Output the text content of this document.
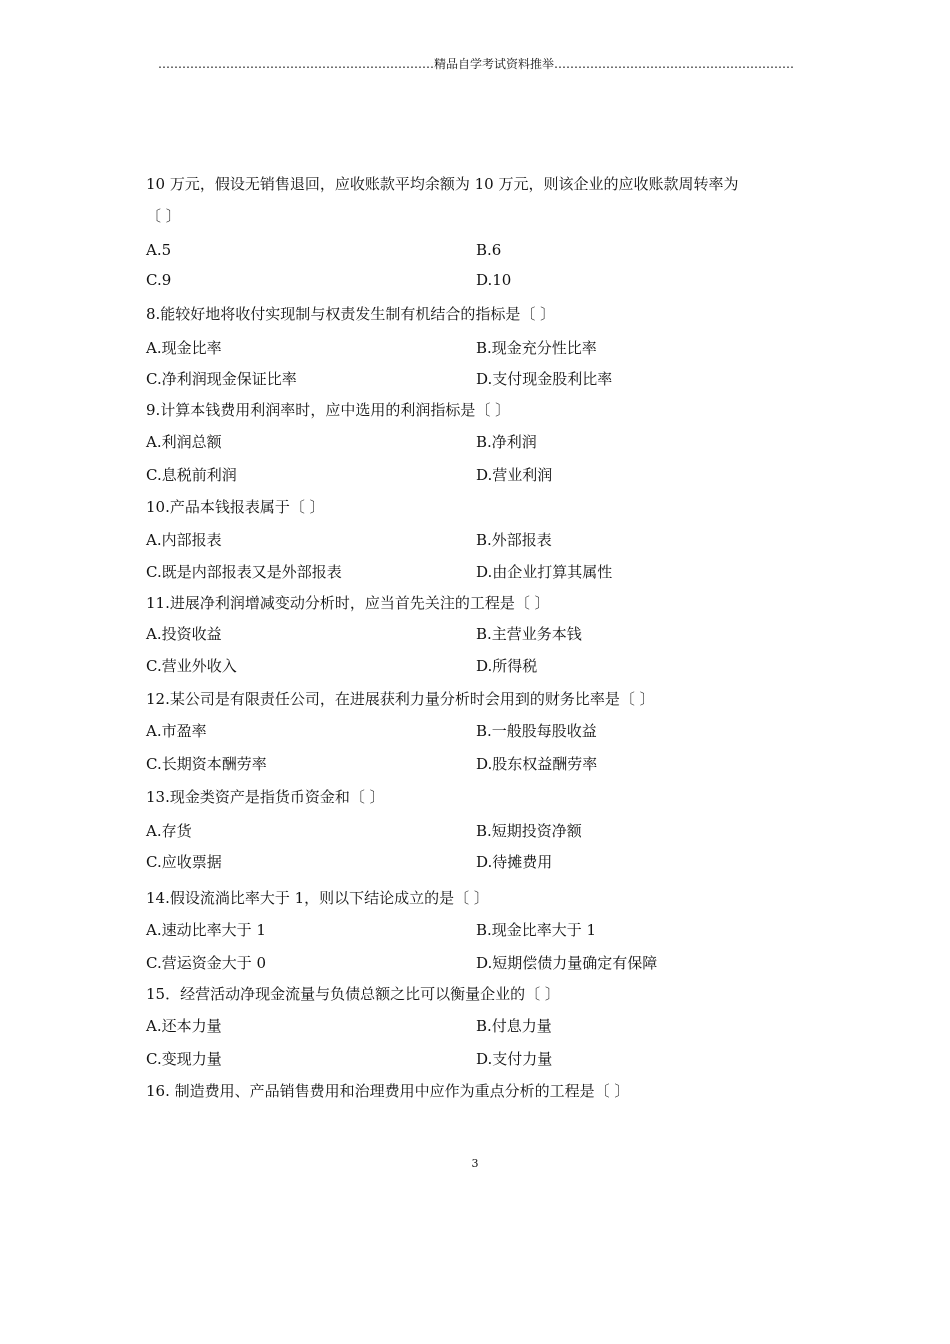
……………………………………………………………精品自学考试资料推举……………………………………………………
10 万元，假设无销售退回，应收账款平均余额为 10 万元，则该企业的应收账款周转率为
〔 〕
A.5	B.6
C.9	D.10
8.能较好地将收付实现制与权责发生制有机结合的指标是〔 〕
A.现金比率	B.现金充分性比率
C.净利润现金保证比率	D.支付现金股利比率
9.计算本钱费用利润率时，应中选用的利润指标是〔 〕
A.利润总额	B.净利润
C.息税前利润	D.营业利润
10.产品本钱报表属于〔 〕
A.内部报表	B.外部报表
C.既是内部报表又是外部报表	D.由企业打算其属性
11.进展净利润增减变动分析时，应当首先关注的工程是〔 〕
A.投资收益	B.主营业务本钱
C.营业外收入	D.所得税
12.某公司是有限责任公司，在进展获利力量分析时会用到的财务比率是〔 〕
A.市盈率	B.一般股每股收益
C.长期资本酬劳率	D.股东权益酬劳率
13.现金类资产是指货币资金和〔 〕
A.存货	B.短期投资净额
C.应收票据	D.待摊费用
14.假设流淌比率大于 1，则以下结论成立的是〔 〕
A.速动比率大于 1	B.现金比率大于 1
C.营运资金大于 0	D.短期偿债力量确定有保障
15．经营活动净现金流量与负债总额之比可以衡量企业的〔 〕
A.还本力量	B.付息力量
C.变现力量	D.支付力量
16. 制造费用、产品销售费用和治理费用中应作为重点分析的工程是〔 〕
3
